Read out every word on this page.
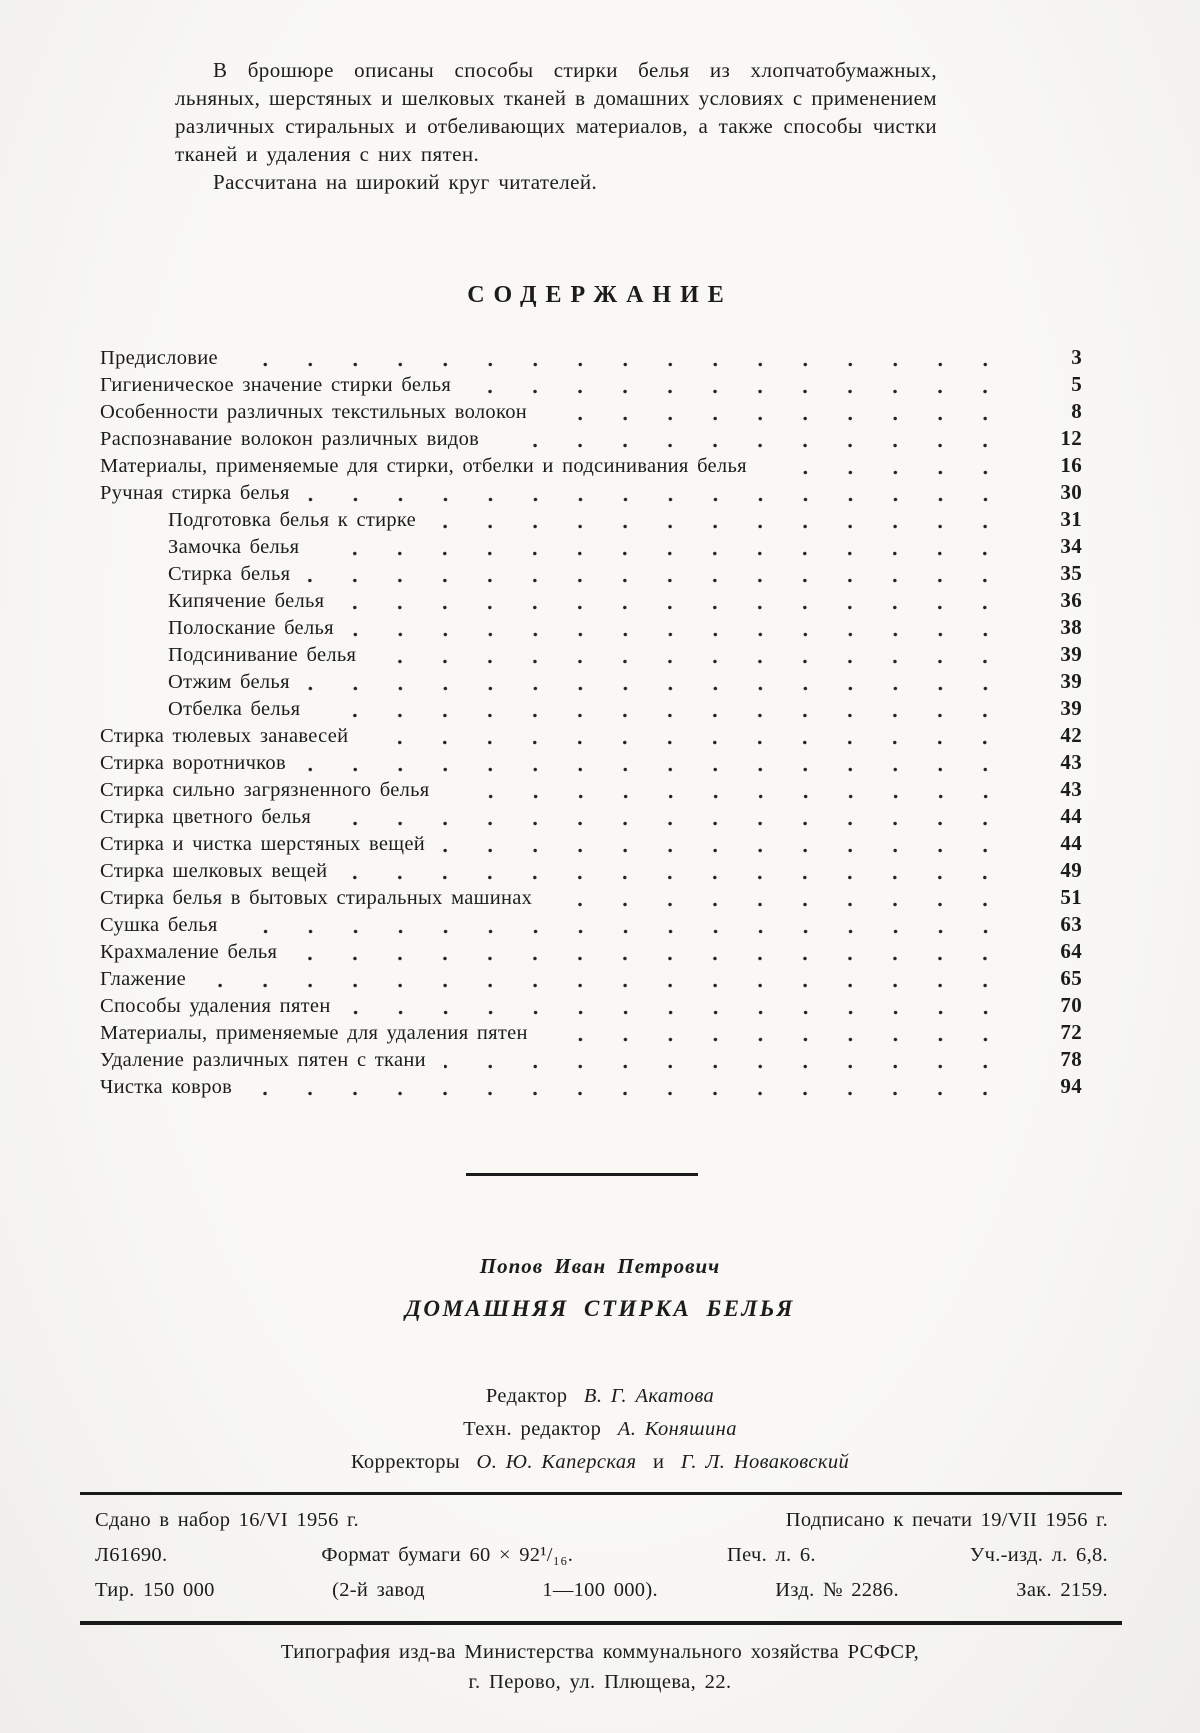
В брошюре описаны способы стирки белья из хлопчатобумажных, льняных, шерстяных и шелковых тканей в домашних условиях с применением различных стиральных и отбеливающих материалов, а также способы чистки тканей и удаления с них пятен.

Рассчитана на широкий круг читателей.

СОДЕРЖАНИЕ
Предисловие	3
Гигиеническое значение стирки белья	5
Особенности различных текстильных волокон	8
Распознавание волокон различных видов	12
Материалы, применяемые для стирки, отбелки и подсинивания белья	16
Ручная стирка белья	30
Подготовка белья к стирке	31
Замочка белья	34
Стирка белья	35
Кипячение белья	36
Полоскание белья	38
Подсинивание белья	39
Отжим белья	39
Отбелка белья	39
Стирка тюлевых занавесей	42
Стирка воротничков	43
Стирка сильно загрязненного белья	43
Стирка цветного белья	44
Стирка и чистка шерстяных вещей	44
Стирка шелковых вещей	49
Стирка белья в бытовых стиральных машинах	51
Сушка белья	63
Крахмаление белья	64
Глажение	65
Способы удаления пятен	70
Материалы, применяемые для удаления пятен	72
Удаление различных пятен с ткани	78
Чистка ковров	94
Попов Иван Петрович
ДОМАШНЯЯ СТИРКА БЕЛЬЯ
Редактор В. Г. Акатова
Техн. редактор А. Коняшина
Корректоры О. Ю. Каперская и Г. Л. Новаковский
Сдано в набор 16/VI 1956 г.	Подписано к печати 19/VII 1956 г.
Л61690.	Формат бумаги 60 × 92¹/₁₆.	Печ. л. 6.	Уч.-изд. л. 6,8.
Тир. 150 000	(2-й завод	1—100 000).	Изд. № 2286.	Зак. 2159.
Типография изд-ва Министерства коммунального хозяйства РСФСР,
г. Перово, ул. Плющева, 22.
